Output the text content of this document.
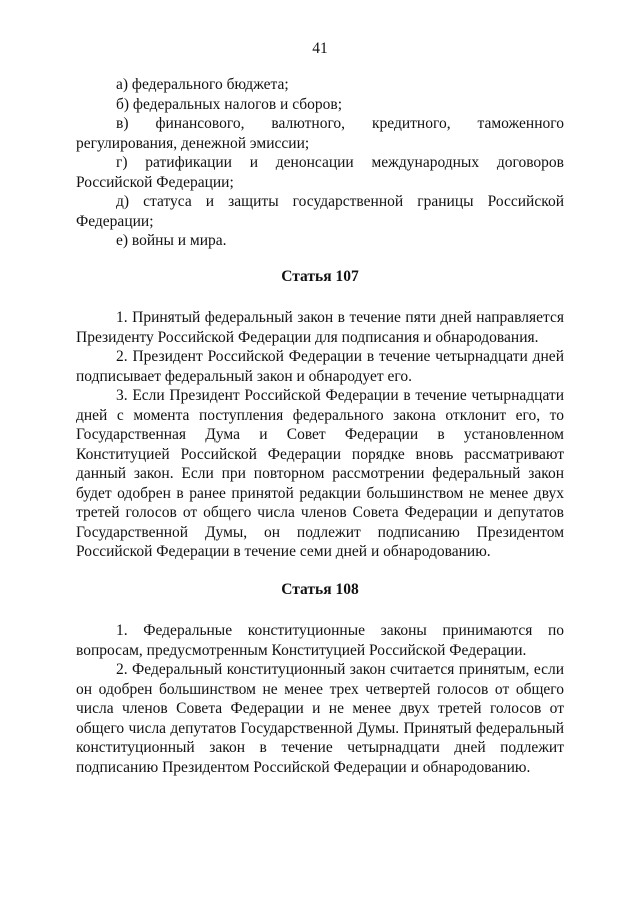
41

а) федерального бюджета;

б) федеральных налогов и сборов;

в) финансового, валютного, кредитного, таможенного регулирования, денежной эмиссии;

г) ратификации и денонсации международных договоров Российской Федерации;

д) статуса и защиты государственной границы Российской Федерации;

е) войны и мира.

Статья 107

1. Принятый федеральный закон в течение пяти дней направляется Президенту Российской Федерации для подписания и обнародования.

2. Президент Российской Федерации в течение четырнадцати дней подписывает федеральный закон и обнародует его.

3. Если Президент Российской Федерации в течение четырнадцати дней с момента поступления федерального закона отклонит его, то Государственная Дума и Совет Федерации в установленном Конституцией Российской Федерации порядке вновь рассматривают данный закон. Если при повторном рассмотрении федеральный закон будет одобрен в ранее принятой редакции большинством не менее двух третей голосов от общего числа членов Совета Федерации и депутатов Государственной Думы, он подлежит подписанию Президентом Российской Федерации в течение семи дней и обнародованию.

Статья 108

1. Федеральные конституционные законы принимаются по вопросам, предусмотренным Конституцией Российской Федерации.

2. Федеральный конституционный закон считается принятым, если он одобрен большинством не менее трех четвертей голосов от общего числа членов Совета Федерации и не менее двух третей голосов от общего числа депутатов Государственной Думы. Принятый федеральный конституционный закон в течение четырнадцати дней подлежит подписанию Президентом Российской Федерации и обнародованию.
